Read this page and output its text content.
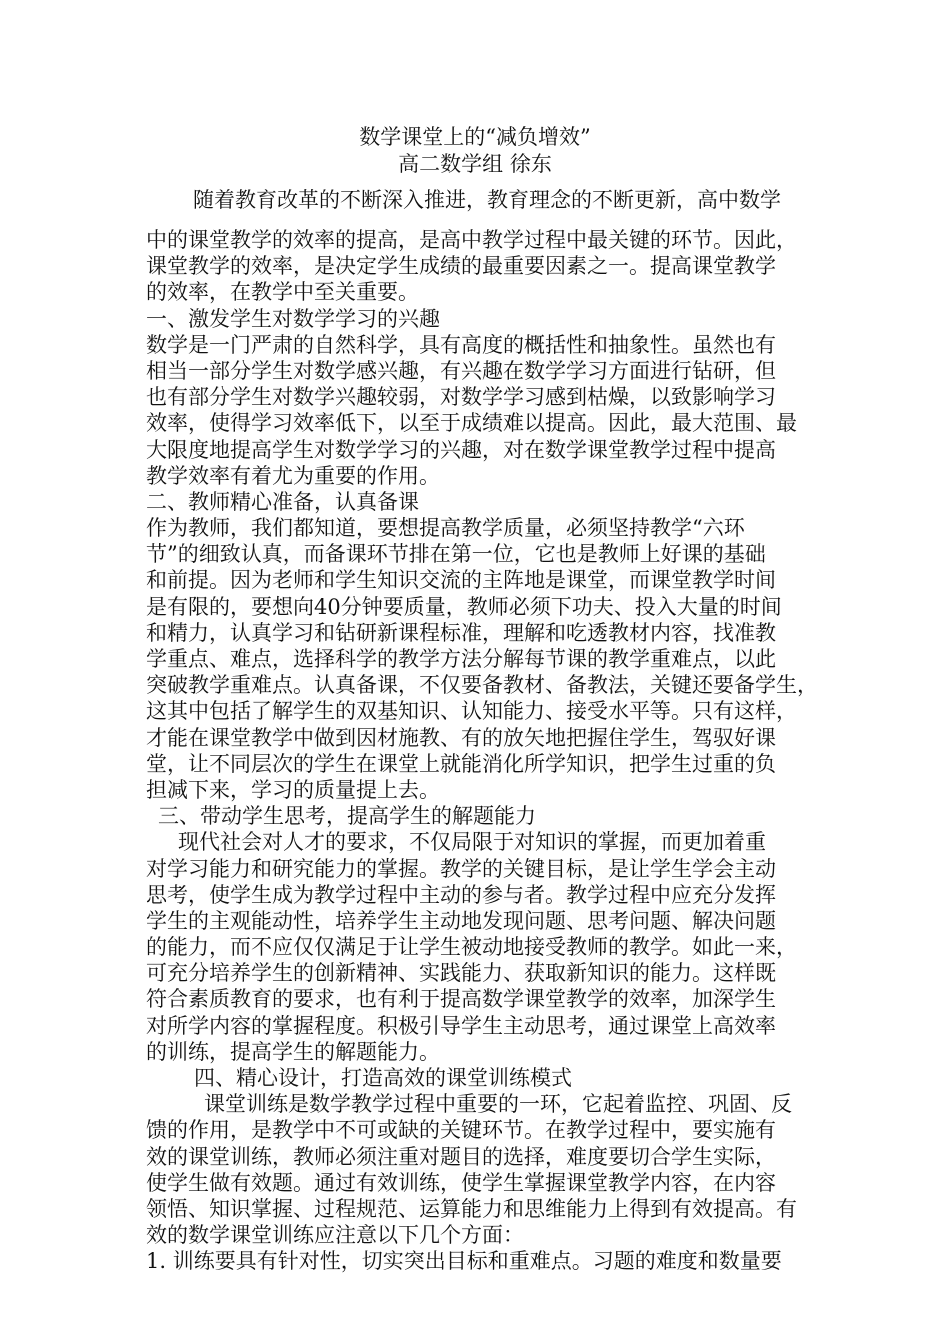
数学课堂上的“减负增效”
高二数学组 徐东
随着教育改革的不断深入推进，教育理念的不断更新，高中数学
中的课堂教学的效率的提高，是高中教学过程中最关键的环节。因此，
课堂教学的效率，是决定学生成绩的最重要因素之一。提高课堂教学
的效率，在教学中至关重要。
一、激发学生对数学学习的兴趣
数学是一门严肃的自然科学，具有高度的概括性和抽象性。虽然也有
相当一部分学生对数学感兴趣，有兴趣在数学学习方面进行钻研，但
也有部分学生对数学兴趣较弱，对数学学习感到枯燥，以致影响学习
效率，使得学习效率低下，以至于成绩难以提高。因此，最大范围、最
大限度地提高学生对数学学习的兴趣，对在数学课堂教学过程中提高
教学效率有着尤为重要的作用。
二、教师精心准备，认真备课
作为教师，我们都知道，要想提高教学质量，必须坚持教学“六环
节”的细致认真，而备课环节排在第一位，它也是教师上好课的基础
和前提。因为老师和学生知识交流的主阵地是课堂，而课堂教学时间
是有限的，要想向40分钟要质量，教师必须下功夫、投入大量的时间
和精力，认真学习和钻研新课程标准，理解和吃透教材内容，找准教
学重点、难点，选择科学的教学方法分解每节课的教学重难点，以此
突破教学重难点。认真备课，不仅要备教材、备教法，关键还要备学生，
这其中包括了解学生的双基知识、认知能力、接受水平等。只有这样，
才能在课堂教学中做到因材施教、有的放矢地把握住学生，驾驭好课
堂，让不同层次的学生在课堂上就能消化所学知识，把学生过重的负
担减下来，学习的质量提上去。
三、带动学生思考，提高学生的解题能力
现代社会对人才的要求，不仅局限于对知识的掌握，而更加着重
对学习能力和研究能力的掌握。教学的关键目标，是让学生学会主动
思考，使学生成为教学过程中主动的参与者。教学过程中应充分发挥
学生的主观能动性，培养学生主动地发现问题、思考问题、解决问题
的能力，而不应仅仅满足于让学生被动地接受教师的教学。如此一来，
可充分培养学生的创新精神、实践能力、获取新知识的能力。这样既
符合素质教育的要求，也有利于提高数学课堂教学的效率，加深学生
对所学内容的掌握程度。积极引导学生主动思考，通过课堂上高效率
的训练，提高学生的解题能力。
四、精心设计，打造高效的课堂训练模式
课堂训练是数学教学过程中重要的一环，它起着监控、巩固、反
馈的作用，是教学中不可或缺的关键环节。在教学过程中，要实施有
效的课堂训练，教师必须注重对题目的选择，难度要切合学生实际，
使学生做有效题。通过有效训练，使学生掌握课堂教学内容，在内容
领悟、知识掌握、过程规范、运算能力和思维能力上得到有效提高。有
效的数学课堂训练应注意以下几个方面：
1. 训练要具有针对性，切实突出目标和重难点。习题的难度和数量要
